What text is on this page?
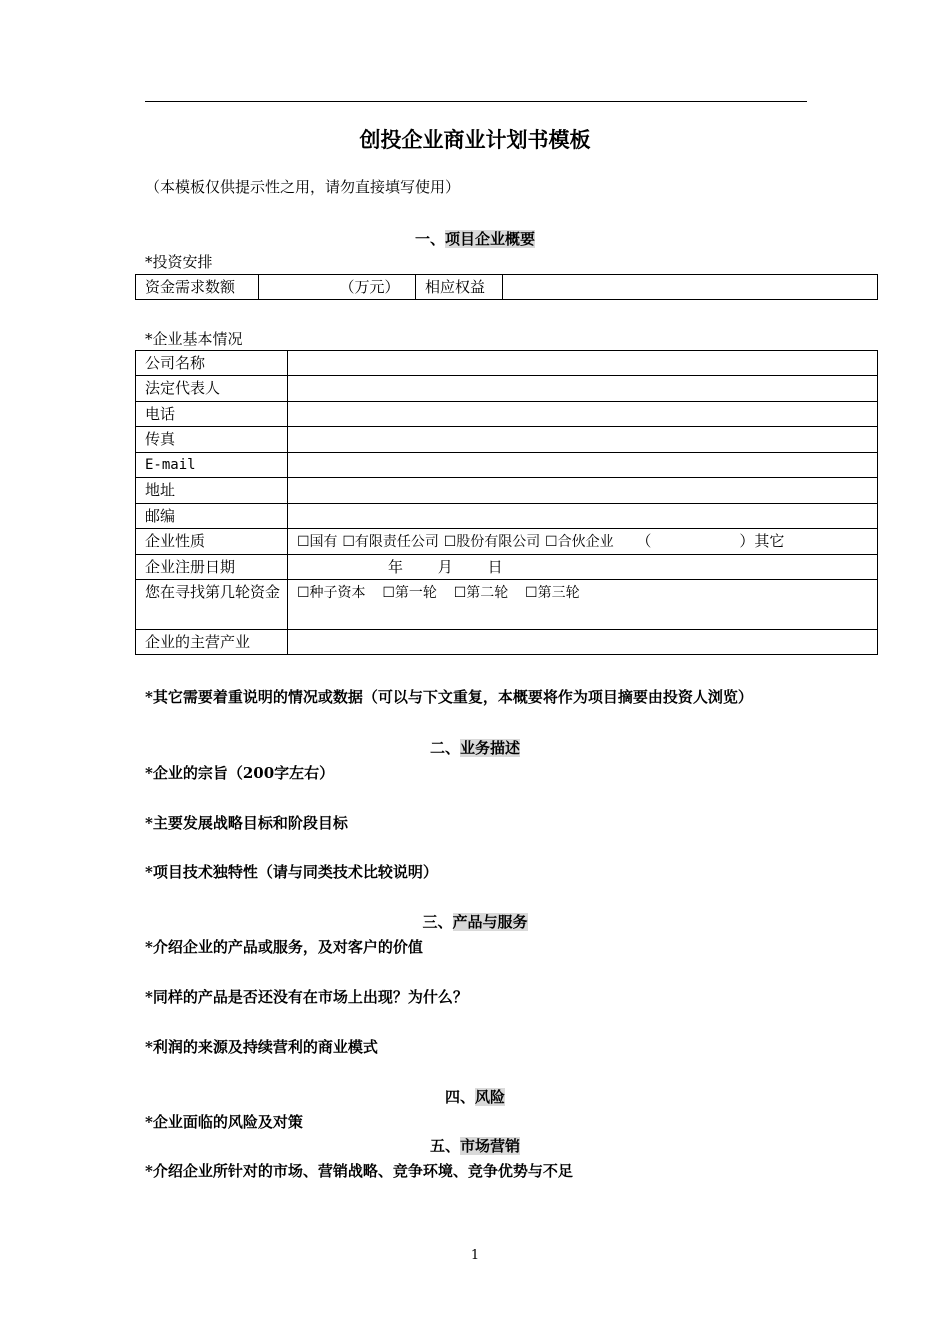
创投企业商业计划书模板
（本模板仅供提示性之用，请勿直接填写使用）
一、项目企业概要
*投资安排
资金需求数额		（万元）	相应权益	
*企业基本情况
公司名称	
法定代表人	
电话	
传真	
E-mail	
地址	
邮编	
企业性质	☐国有 ☐有限责任公司 ☐股份有限公司 ☐合伙企业 （ ）其它
企业注册日期	年 月 日
您在寻找第几轮资金	☐种子资本 ☐第一轮 ☐第二轮 ☐第三轮
企业的主营产业	
*其它需要着重说明的情况或数据（可以与下文重复，本概要将作为项目摘要由投资人浏览）
二、业务描述
*企业的宗旨（200字左右）
*主要发展战略目标和阶段目标
*项目技术独特性（请与同类技术比较说明）
三、产品与服务
*介绍企业的产品或服务，及对客户的价值
*同样的产品是否还没有在市场上出现？为什么？
*利润的来源及持续营利的商业模式
四、风险
*企业面临的风险及对策
五、市场营销
*介绍企业所针对的市场、营销战略、竞争环境、竞争优势与不足
1
